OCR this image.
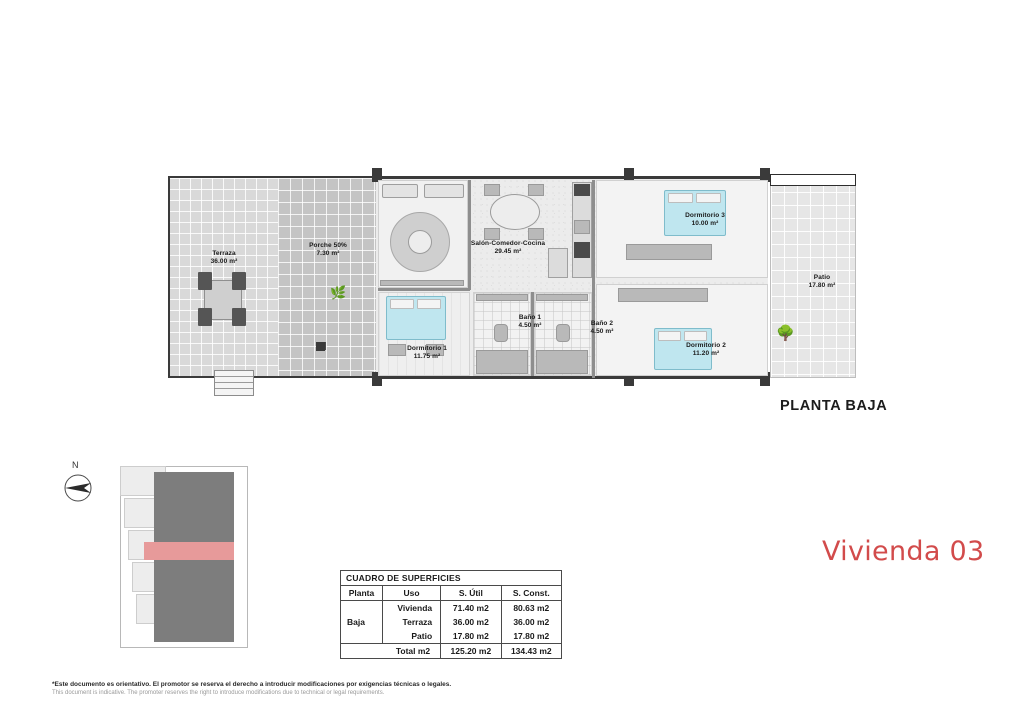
🌿
🌳
Terraza
36.00 m²
Porche 50%
7.30 m²
Salón-Comedor-Cocina
29.45 m²
Dormitorio 3
10.00 m²
Patio
17.80 m²
Dormitorio 1
11.75 m²
Baño 1
4.50 m²	Baño 2
4.50 m²
Dormitorio 2
11.20 m²
PLANTA BAJA
Vivienda 03
N
CUADRO DE SUPERFICIES			
Planta	Uso	S. Útil	S. Const.
Baja	Vivienda	71.40 m2	80.63 m2
	Terraza	36.00 m2	36.00 m2
	Patio	17.80 m2	17.80 m2
Total m2		125.20 m2	134.43 m2
*Este documento es orientativo. El promotor se reserva el derecho a introducir modificaciones por exigencias técnicas o legales.
This document is indicative. The promoter reserves the right to introduce modifications due to technical or legal requirements.
